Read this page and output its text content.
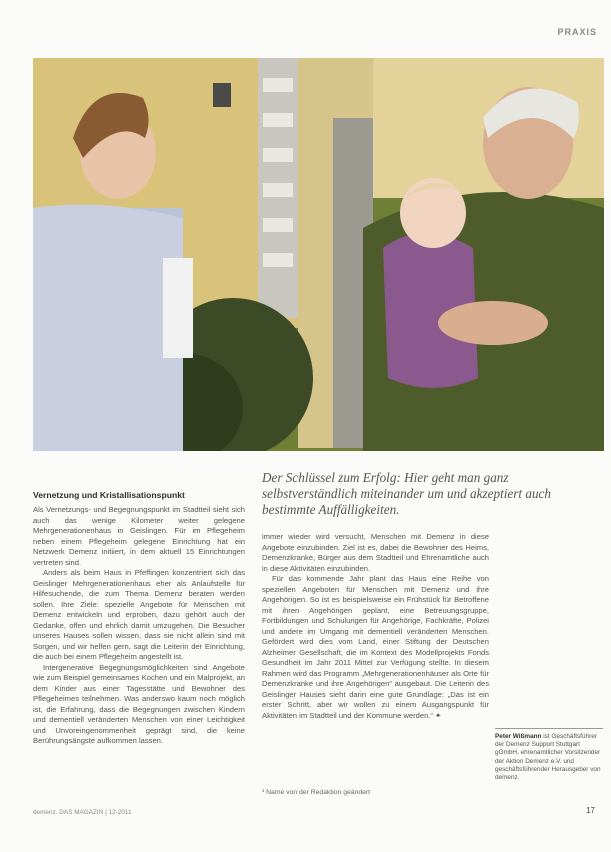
PRAXIS
Der Schlüssel zum Erfolg: Hier geht man ganz selbstverständlich miteinander um und akzeptiert auch bestimmte Auffälligkeiten.
Vernetzung und Kristallisationspunkt

Als Vernetzungs- und Begegnungspunkt im Stadtteil sieht sich auch das wenige Kilometer weiter gelegene Mehrgenerationenhaus in Geislingen. Für im Pflegeheim neben einem Pflegeheim gelegene Einrichtung hat ein Netzwerk Demenz initiiert, in dem aktuell 15 Einrichtungen vertreten sind.

Anders als beim Haus in Pfeffingen konzentriert sich das Geislinger Mehrgenerationenhaus eher als Anlaufstelle für Hilfesuchende, die zum Thema Demenz beraten werden sollen. Ihre Ziele: spezielle Angebote für Menschen mit Demenz entwickeln und erproben, dazu gehört auch der Gedanke, offen und ehrlich damit umzugehen. Die Besucher unseres Hauses sollen wissen, dass sie nicht allein sind mit Sorgen, und wir helfen gern, sagt die Leiterin der Einrichtung, die auch bei einem Pflegeheim angestellt ist.

Intergenerative Begegnungsmöglichkeiten sind Angebote wie zum Beispiel gemeinsames Kochen und ein Malprojekt, an dem Kinder aus einer Tagesstätte und Bewohner des Pflegeheimes teilnehmen. Was anderswo kaum noch möglich ist, die Erfahrung, dass die Begegnungen zwischen Kindern und dementiell veränderten Menschen von einer Leichtigkeit und Unvoreingenommenheit geprägt sind, die keine Berührungsängste aufkommen lassen.

immer wieder wird versucht, Menschen mit Demenz in diese Angebote einzubinden. Ziel ist es, dabei die Bewohner des Heims, Demenzkranke, Bürger aus dem Stadtteil und Ehrenamtliche auch in diese Aktivitäten einzubinden.

Für das kommende Jahr plant das Haus eine Reihe von speziellen Angeboten für Menschen mit Demenz und ihre Angehörigen. So ist es beispielsweise ein Frühstück für Betroffene mit ihren Angehörigen geplant, eine Betreuungsgruppe, Fortbildungen und Schulungen für Angehörige, Fachkräfte, Polizei und andere im Umgang mit dementiell veränderten Menschen. Gefördert wird dies vom Land, einer Stiftung der Deutschen Alzheimer Gesellschaft, die im Kontext des Modellprojekts Fonds Gesundheit im Jahr 2011 Mittel zur Verfügung stellte. In diesem Rahmen wird das Programm „Mehrgenerationenhäuser als Orte für Demenzkranke und ihre Angehörigen“ ausgebaut. Die Leiterin des Geislinger Hauses sieht darin eine gute Grundlage: „Das ist ein erster Schritt, aber wir wollen zu einem Ausgangspunkt für Aktivitäten im Stadtteil und der Kommune werden.“ ✦

¹ Name von der Redaktion geändert
Peter Wißmann ist Geschäftsführer der Demenz Support Stuttgart gGmbH, ehrenamtlicher Vorsitzender der Aktion Demenz e.V. und geschäftsführender Herausgeber von demenz.
demenz. DAS MAGAZIN | 12-2011	17
